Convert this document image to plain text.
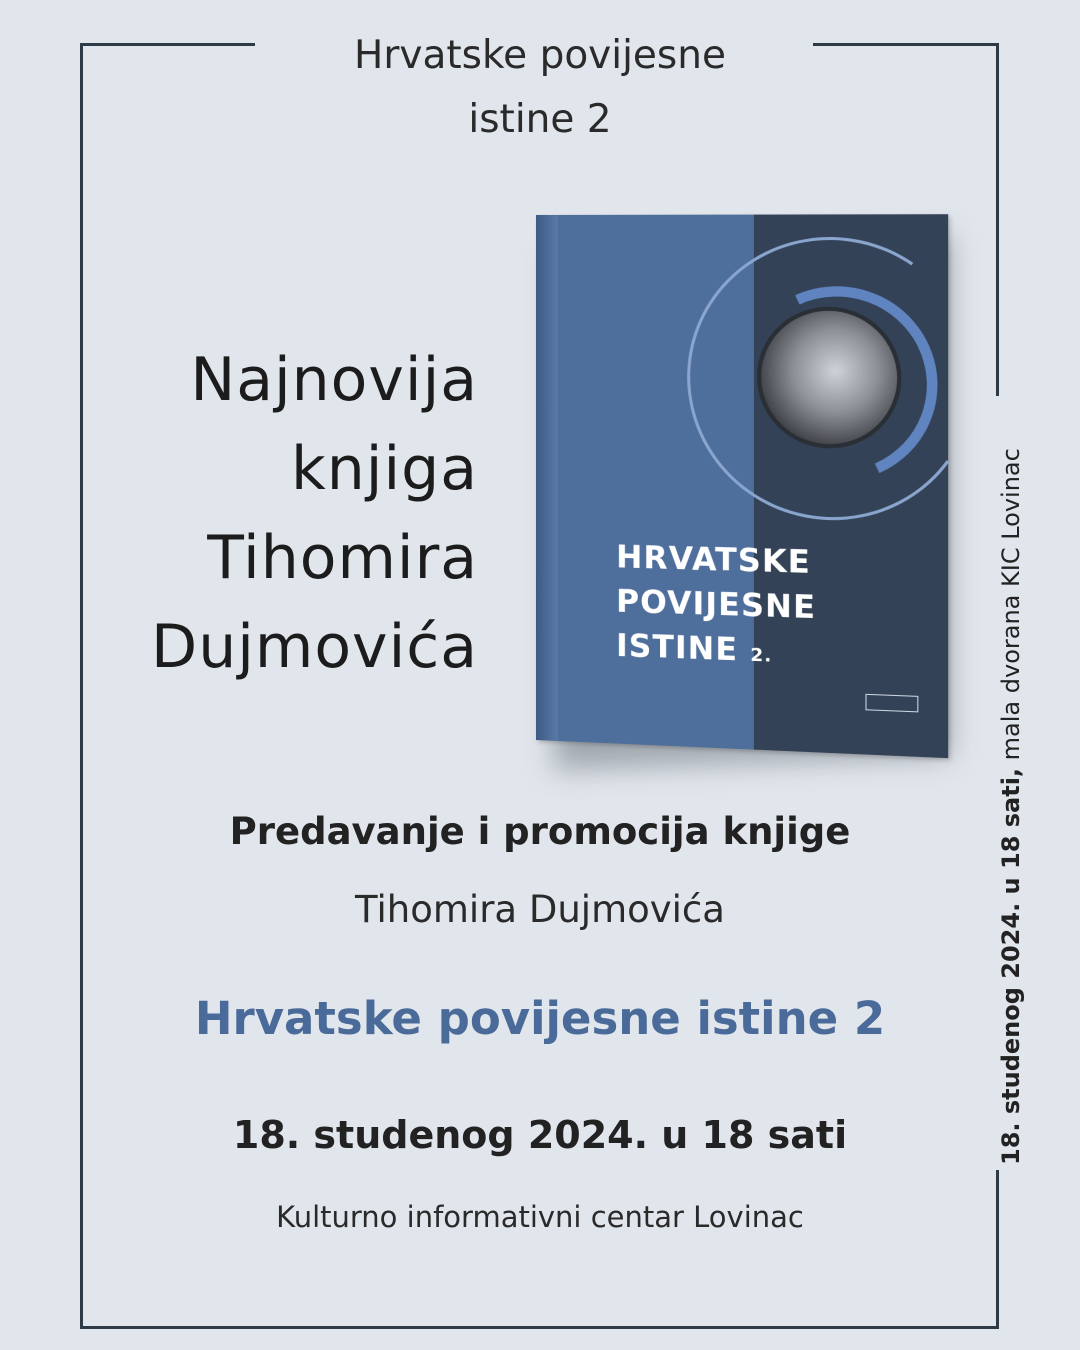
Hrvatske povijesne
istine 2
Najnovija
knjiga
Tihomira
Dujmovića
HRVATSKE
POVIJESNE
ISTINE 2.
Predavanje i promocija knjige
Tihomira Dujmovića
Hrvatske povijesne istine 2
18. studenog 2024. u 18 sati
Kulturno informativni centar Lovinac
18. studenog 2024. u 18 sati, mala dvorana KIC Lovinac
